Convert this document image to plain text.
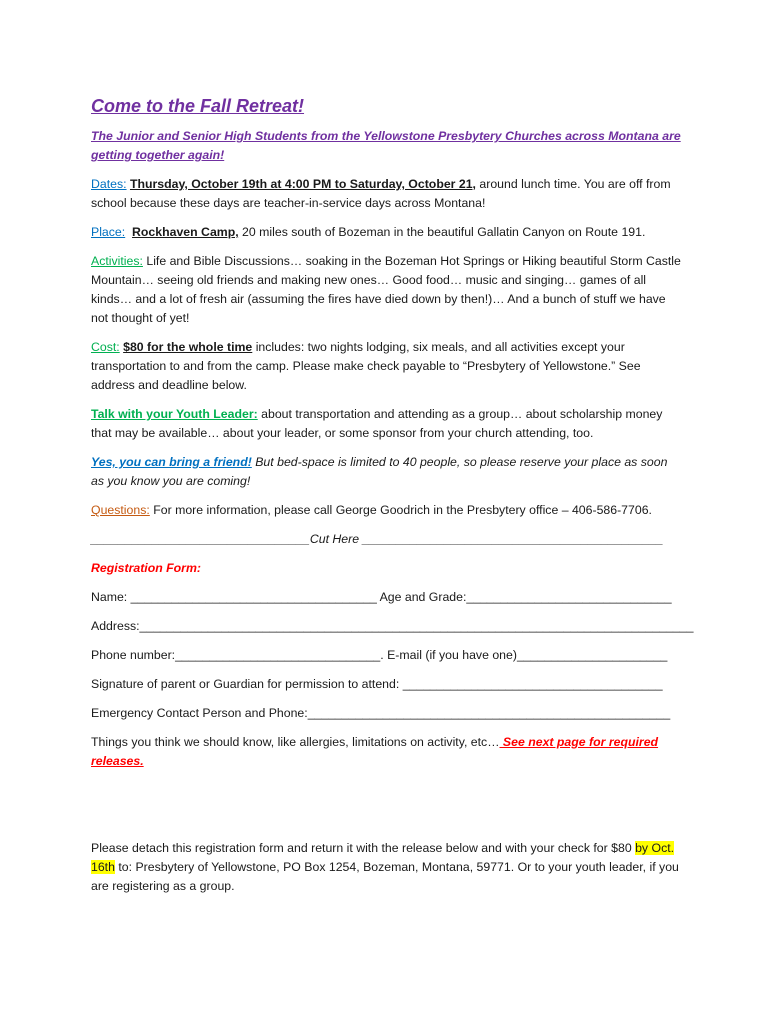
Come to the Fall Retreat!
The Junior and Senior High Students from the Yellowstone Presbytery Churches across Montana are getting together again!

Dates: Thursday, October 19th at 4:00 PM to Saturday, October 21, around lunch time. You are off from school because these days are teacher-in-service days across Montana!

Place: Rockhaven Camp, 20 miles south of Bozeman in the beautiful Gallatin Canyon on Route 191.

Activities: Life and Bible Discussions… soaking in the Bozeman Hot Springs or Hiking beautiful Storm Castle Mountain… seeing old friends and making new ones… Good food… music and singing… games of all kinds… and a lot of fresh air (assuming the fires have died down by then!)… And a bunch of stuff we have not thought of yet!

Cost: $80 for the whole time includes: two nights lodging, six meals, and all activities except your transportation to and from the camp. Please make check payable to “Presbytery of Yellowstone.” See address and deadline below.

Talk with your Youth Leader: about transportation and attending as a group… about scholarship money that may be available… about your leader, or some sponsor from your church attending, too.

Yes, you can bring a friend! But bed-space is limited to 40 people, so please reserve your place as soon as you know you are coming!

Questions: For more information, please call George Goodrich in the Presbytery office – 406-586-7706.

________________________________Cut Here ____________________________________________
Registration Form:
Name: ____________________________________ Age and Grade:______________________________
Address:_________________________________________________________________________________
Phone number:______________________________. E-mail (if you have one)______________________
Signature of parent or Guardian for permission to attend: ______________________________________
Emergency Contact Person and Phone:_____________________________________________________

Things you think we should know, like allergies, limitations on activity, etc… See next page for required releases.

Please detach this registration form and return it with the release below and with your check for $80 by Oct. 16th to: Presbytery of Yellowstone, PO Box 1254, Bozeman, Montana, 59771. Or to your youth leader, if you are registering as a group.
